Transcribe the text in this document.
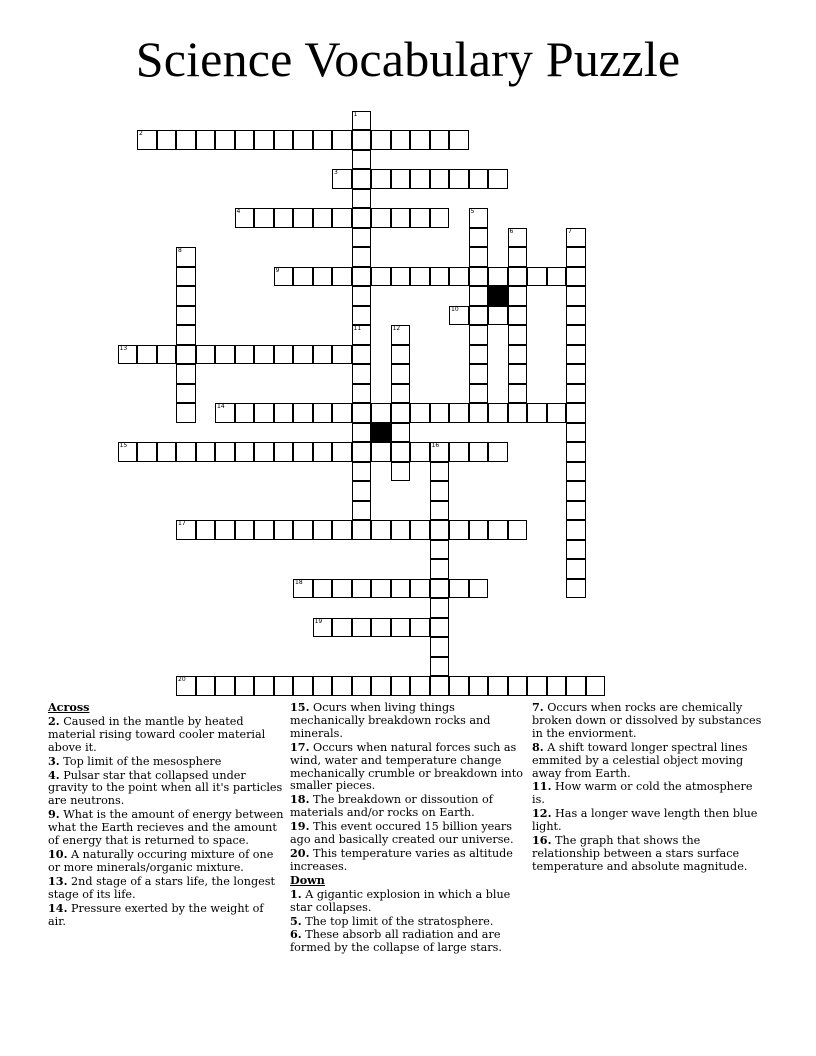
Science Vocabulary Puzzle
1
11
2
3
4	5
6	7
8
9
10
12
13
14
15	16
17
18
19
20

Across

2. Caused in the mantle by heated material rising toward cooler material above it.

3. Top limit of the mesosphere

4. Pulsar star that collapsed under gravity to the point when all it's particles are neutrons.

9. What is the amount of energy between what the Earth recieves and the amount of energy that is returned to space.

10. A naturally occuring mixture of one or more minerals/organic mixture.

13. 2nd stage of a stars life, the longest stage of its life.

14. Pressure exerted by the weight of air.

15. Ocurs when living things mechanically breakdown rocks and minerals.

17. Occurs when natural forces such as wind, water and temperature change mechanically crumble or breakdown into smaller pieces.

18. The breakdown or dissoution of materials and/or rocks on Earth.

19. This event occured 15 billion years ago and basically created our universe.

20. This temperature varies as altitude increases.

Down

1. A gigantic explosion in which a blue star collapses.

5. The top limit of the stratosphere.

6. These absorb all radiation and are formed by the collapse of large stars.

7. Occurs when rocks are chemically broken down or dissolved by substances in the enviorment.

8. A shift toward longer spectral lines emmited by a celestial object moving away from Earth.

11. How warm or cold the atmosphere is.

12. Has a longer wave length then blue light.

16. The graph that shows the relationship between a stars surface temperature and absolute magnitude.
